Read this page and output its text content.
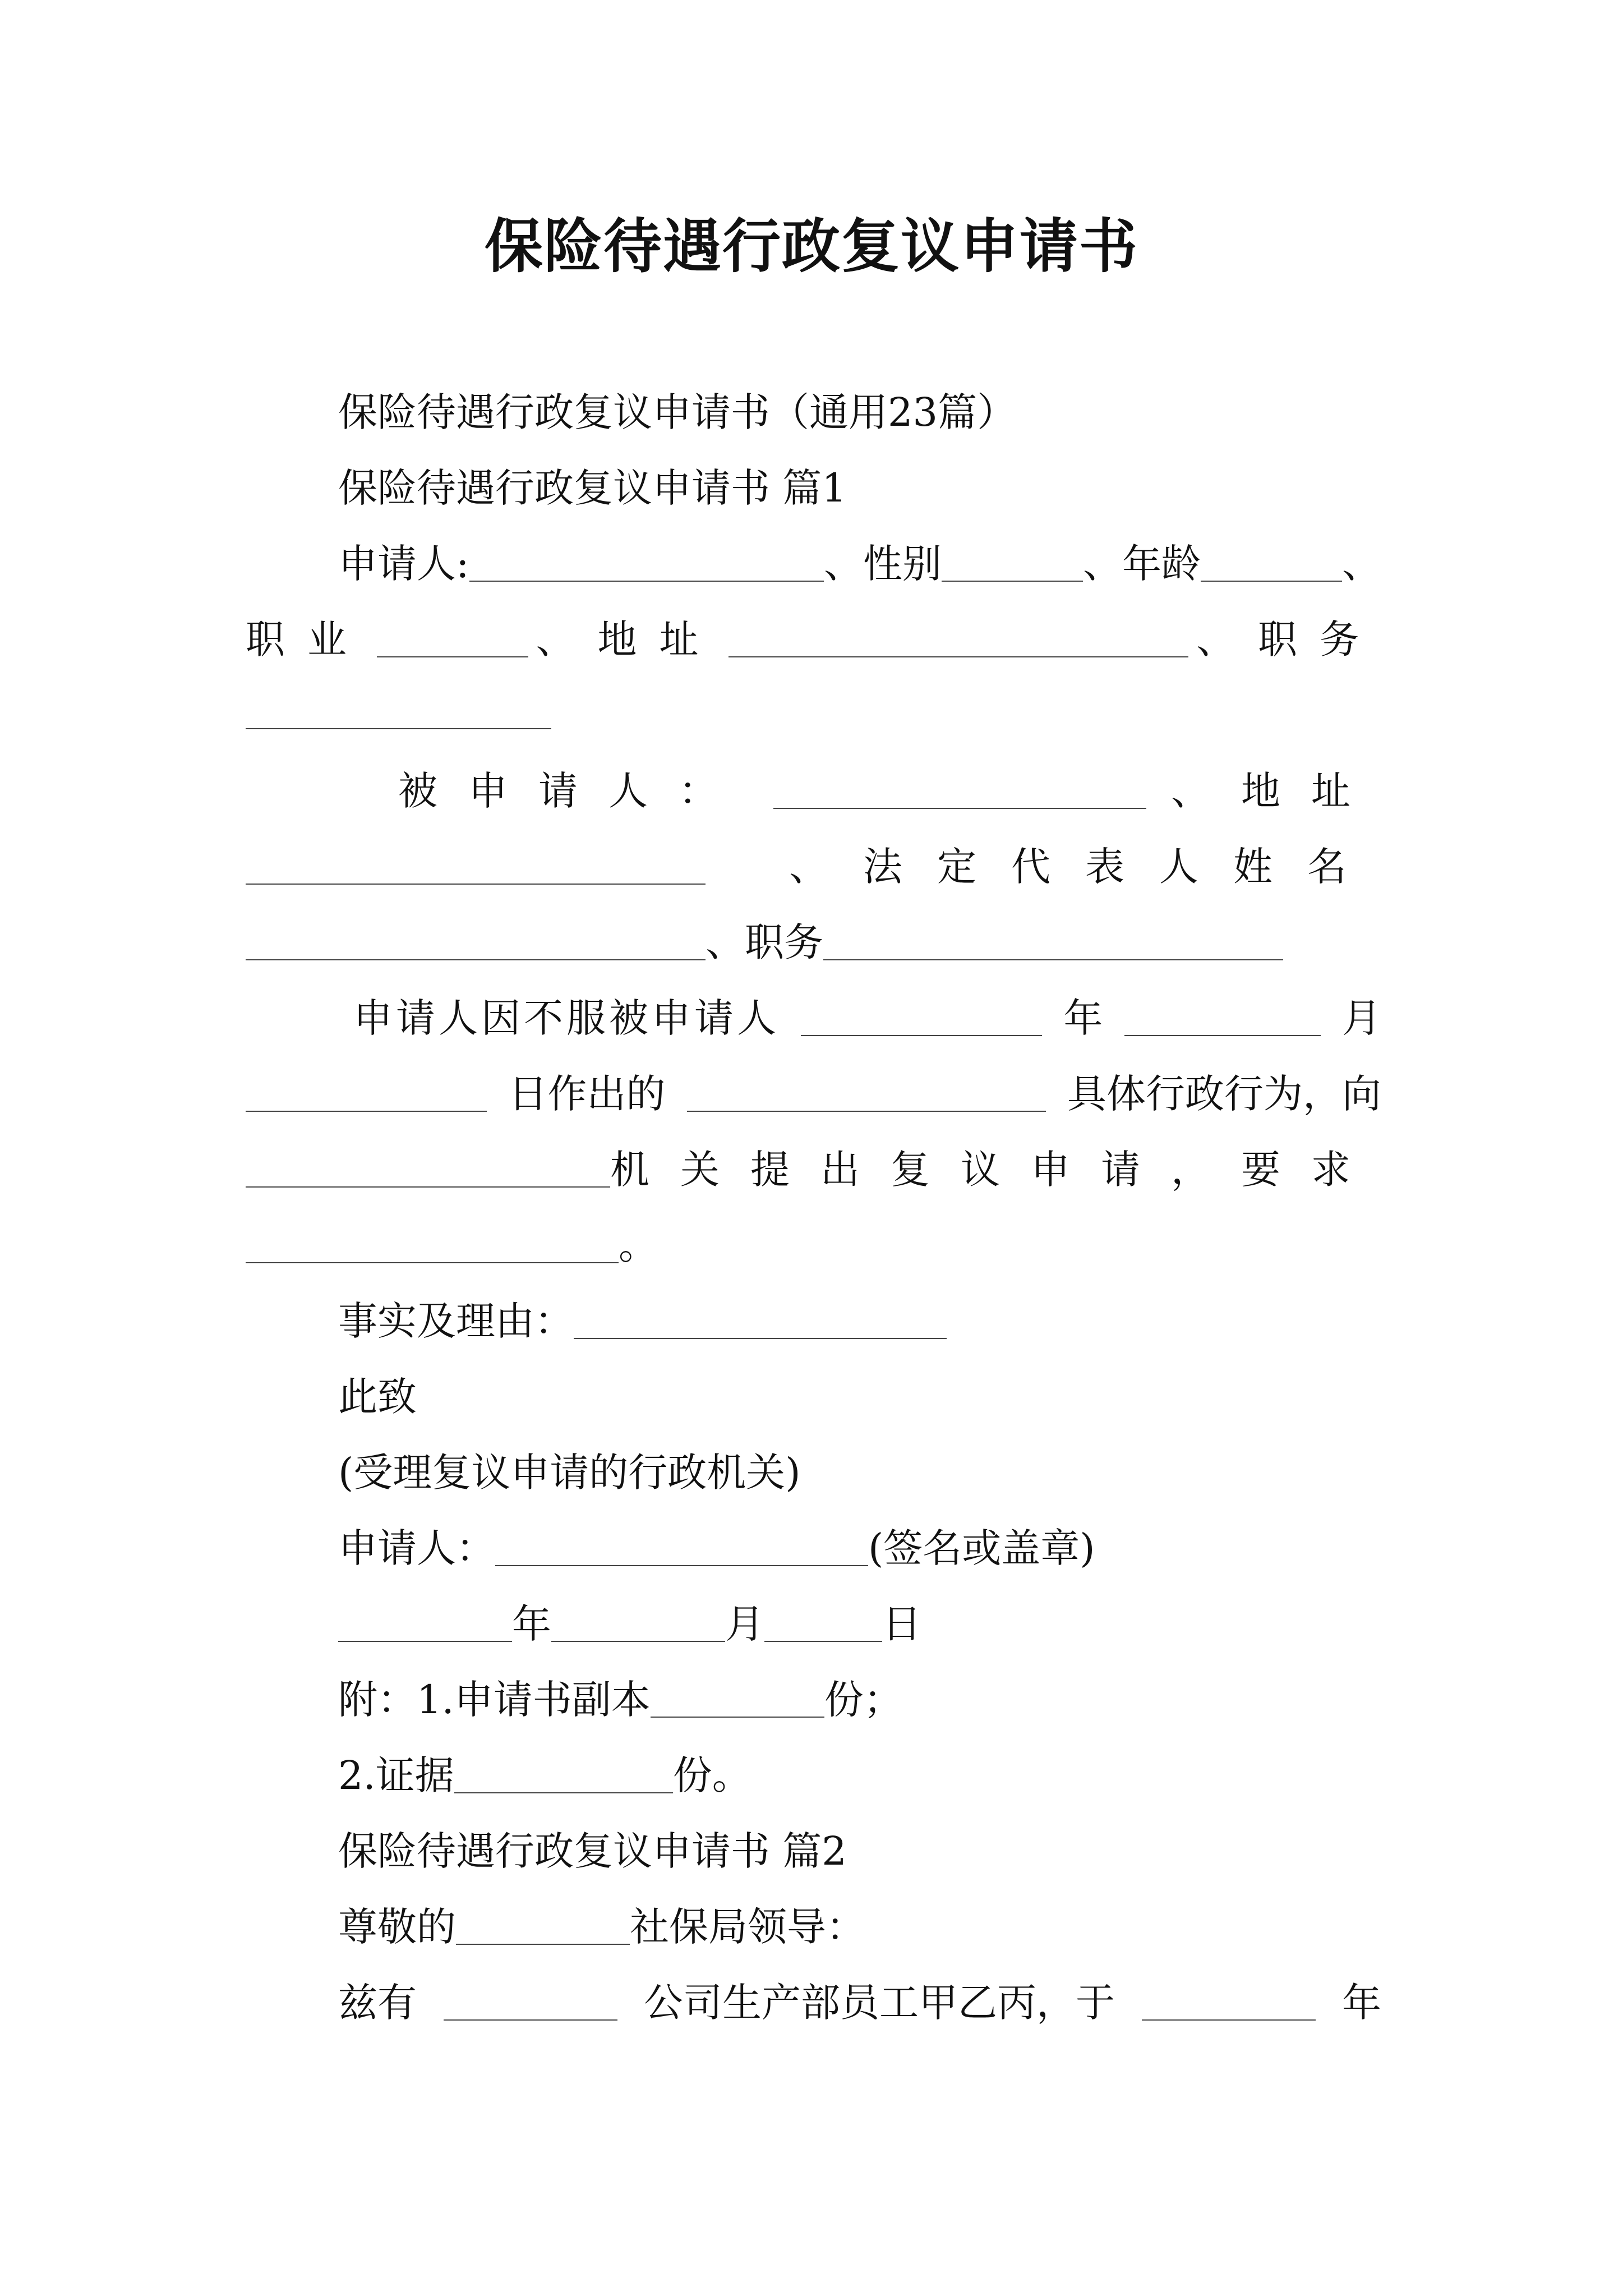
保险待遇行政复议申请书
保险待遇行政复议申请书（通用23篇）
保险待遇行政复议申请书 篇1
申请人:	、性别	、年龄	、
职业	、地址	、职务
被申请人：	、地址
、法定代表人姓名
、职务
申请人因不服被申请人	年	月
日作出的	具体行政行为，向
机关提出复议申请，要求
。
事实及理由：
此致
(受理复议申请的行政机关)
申请人：	(签名或盖章)
年	月	日
附：1.申请书副本	份；
2.证据	份。
保险待遇行政复议申请书 篇2
尊敬的	社保局领导：
兹有	公司生产部员工甲乙丙，于	年
